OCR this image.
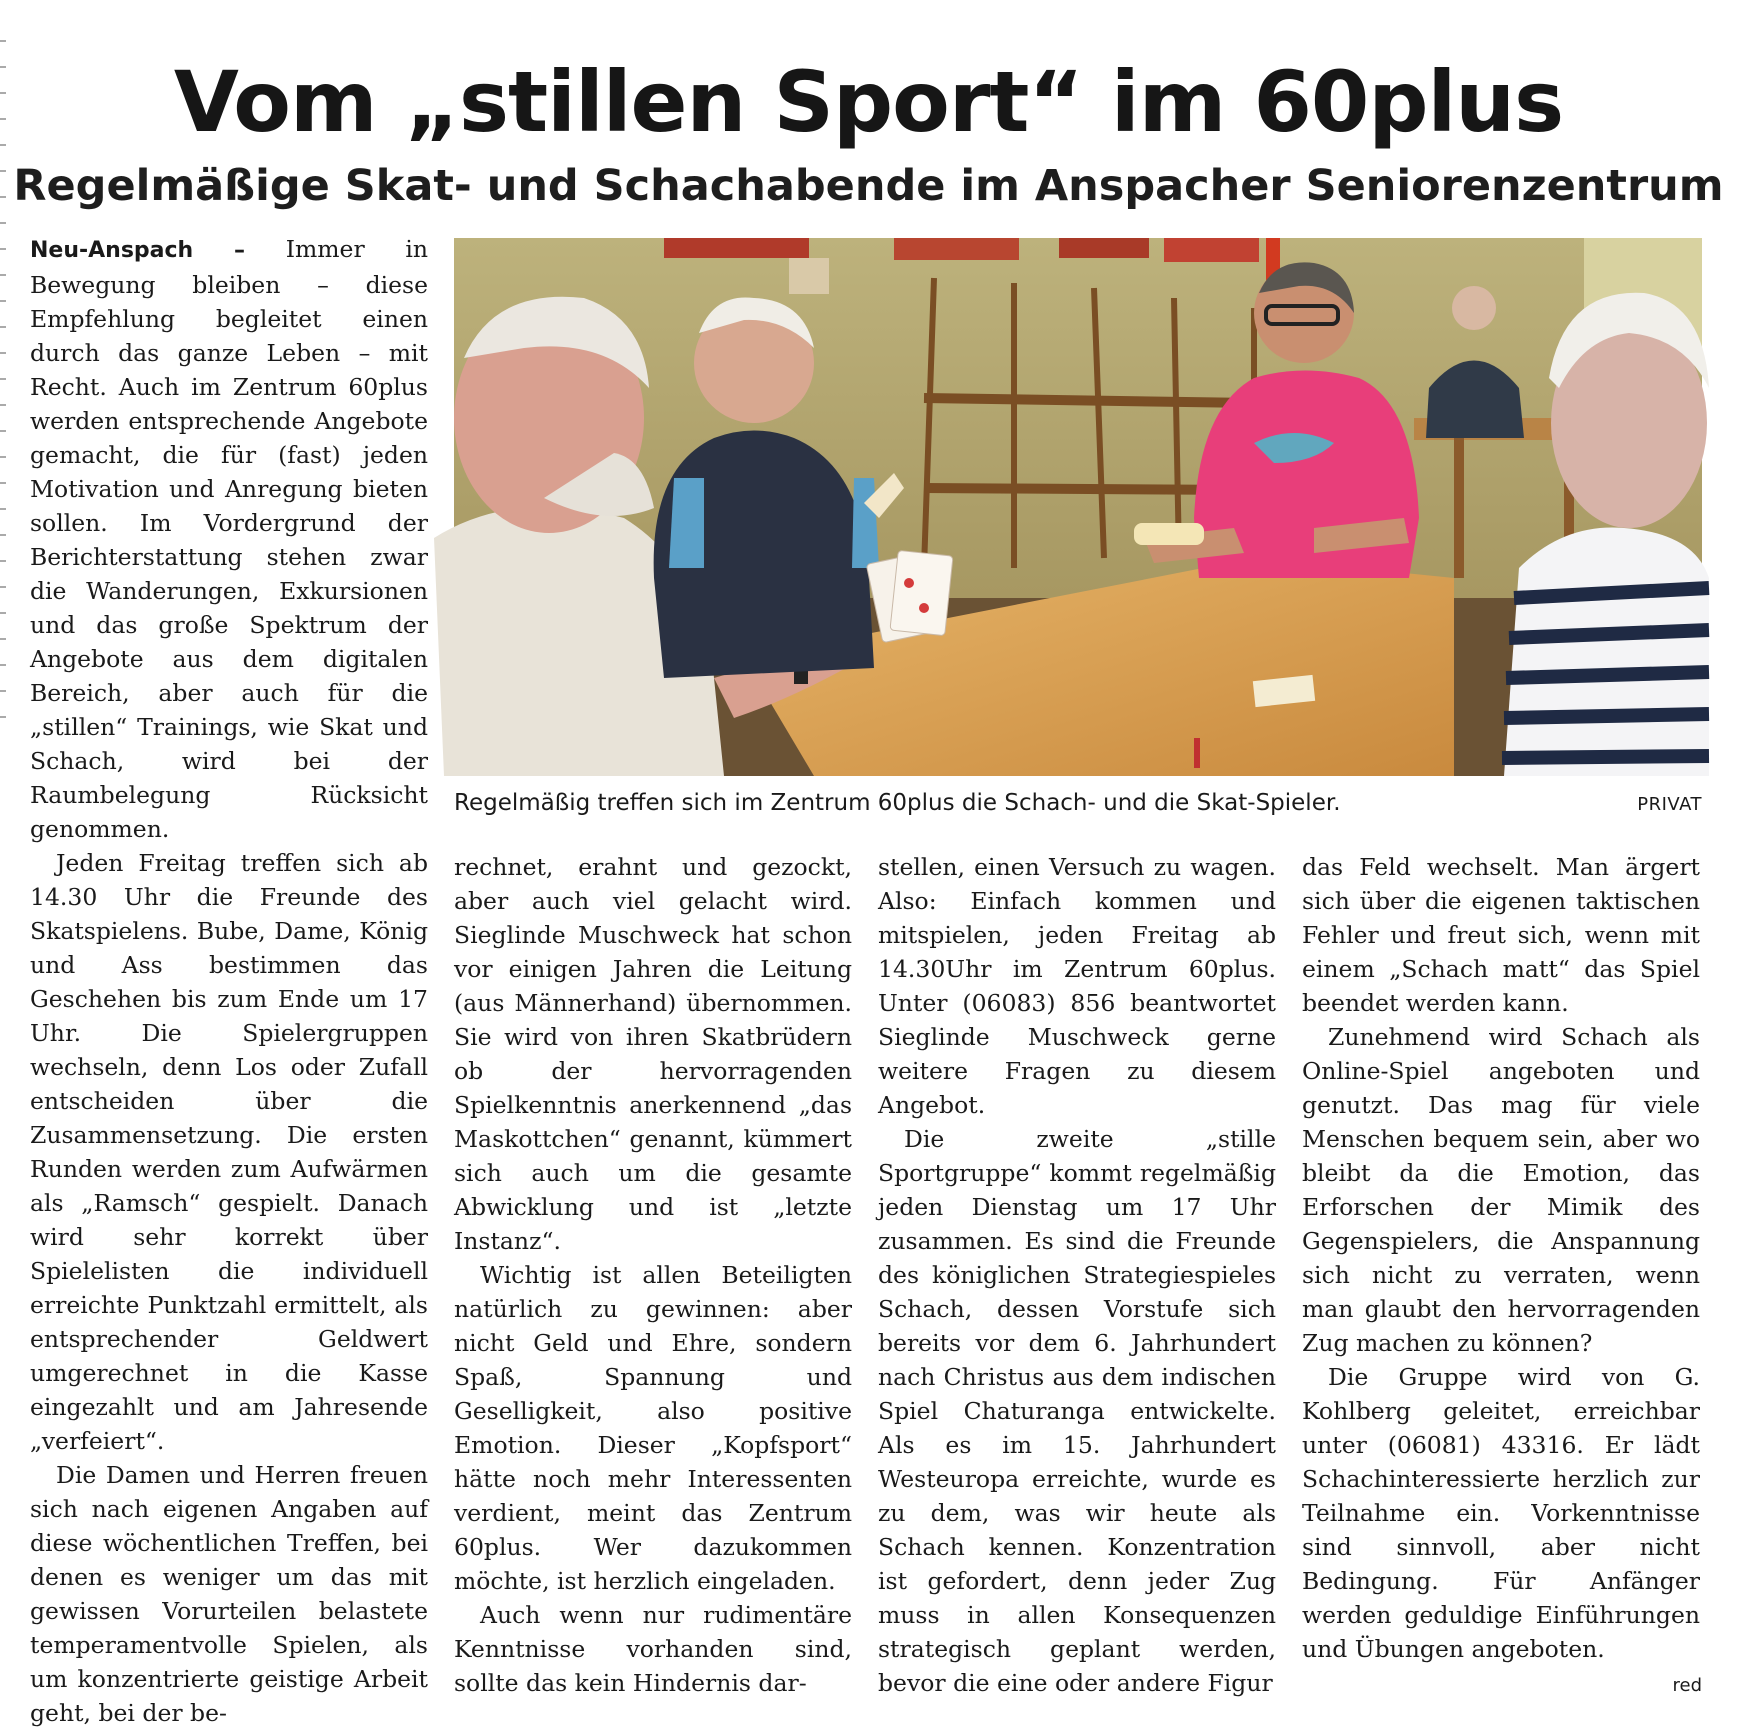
Vom „stillen Sport“ im 60plus
Regelmäßige Skat- und Schachabende im Anspacher Seniorenzentrum

Neu-Anspach – Immer in Bewegung bleiben – diese Empfehlung begleitet einen durch das ganze Leben – mit Recht. Auch im Zentrum 60plus werden entsprechende Angebote gemacht, die für (fast) jeden Motivation und Anregung bieten sollen. Im Vordergrund der Berichterstattung stehen zwar die Wanderungen, Exkursionen und das große Spektrum der Angebote aus dem digitalen Bereich, aber auch für die „stillen“ Trainings, wie Skat und Schach, wird bei der Raumbelegung Rücksicht genommen.

Jeden Freitag treffen sich ab 14.30 Uhr die Freunde des Skatspielens. Bube, Dame, König und Ass bestimmen das Geschehen bis zum Ende um 17 Uhr. Die Spielergruppen wechseln, denn Los oder Zufall entscheiden über die Zusammensetzung. Die ersten Runden werden zum Aufwärmen als „Ramsch“ gespielt. Danach wird sehr korrekt über Spielelisten die individuell erreichte Punktzahl ermittelt, als entsprechender Geldwert umgerechnet in die Kasse eingezahlt und am Jahresende „verfeiert“.

Die Damen und Herren freuen sich nach eigenen Angaben auf diese wöchentlichen Treffen, bei denen es weniger um das mit gewissen Vorurteilen belastete temperamentvolle Spielen, als um konzentrierte geistige Arbeit geht, bei der be-

Regelmäßig treffen sich im Zentrum 60plus die Schach- und die Skat-Spieler.	PRIVAT

rechnet, erahnt und gezockt, aber auch viel gelacht wird. Sieglinde Muschweck hat schon vor einigen Jahren die Leitung (aus Männerhand) übernommen. Sie wird von ihren Skatbrüdern ob der hervorragenden Spielkenntnis anerkennend „das Maskottchen“ genannt, kümmert sich auch um die gesamte Abwicklung und ist „letzte Instanz“.

Wichtig ist allen Beteiligten natürlich zu gewinnen: aber nicht Geld und Ehre, sondern Spaß, Spannung und Geselligkeit, also positive Emotion. Dieser „Kopfsport“ hätte noch mehr Interessenten verdient, meint das Zentrum 60plus. Wer dazukommen möchte, ist herzlich eingeladen.

Auch wenn nur rudimentäre Kenntnisse vorhanden sind, sollte das kein Hindernis dar-

stellen, einen Versuch zu wagen. Also: Einfach kommen und mitspielen, jeden Freitag ab 14.30Uhr im Zentrum 60plus. Unter (06083) 856 beantwortet Sieglinde Muschweck gerne weitere Fragen zu diesem Angebot.

Die zweite „stille Sportgruppe“ kommt regelmäßig jeden Dienstag um 17 Uhr zusammen. Es sind die Freunde des königlichen Strategiespieles Schach, dessen Vorstufe sich bereits vor dem 6. Jahrhundert nach Christus aus dem indischen Spiel Chaturanga entwickelte. Als es im 15. Jahrhundert Westeuropa erreichte, wurde es zu dem, was wir heute als Schach kennen. Konzentration ist gefordert, denn jeder Zug muss in allen Konsequenzen strategisch geplant werden, bevor die eine oder andere Figur

das Feld wechselt. Man ärgert sich über die eigenen taktischen Fehler und freut sich, wenn mit einem „Schach matt“ das Spiel beendet werden kann.

Zunehmend wird Schach als Online-Spiel angeboten und genutzt. Das mag für viele Menschen bequem sein, aber wo bleibt da die Emotion, das Erforschen der Mimik des Gegenspielers, die Anspannung sich nicht zu verraten, wenn man glaubt den hervorragenden Zug machen zu können?

Die Gruppe wird von G. Kohlberg geleitet, erreichbar unter (06081) 43316. Er lädt Schachinteressierte herzlich zur Teilnahme ein. Vorkenntnisse sind sinnvoll, aber nicht Bedingung. Für Anfänger werden geduldige Einführungen und Übungen angeboten.

red
